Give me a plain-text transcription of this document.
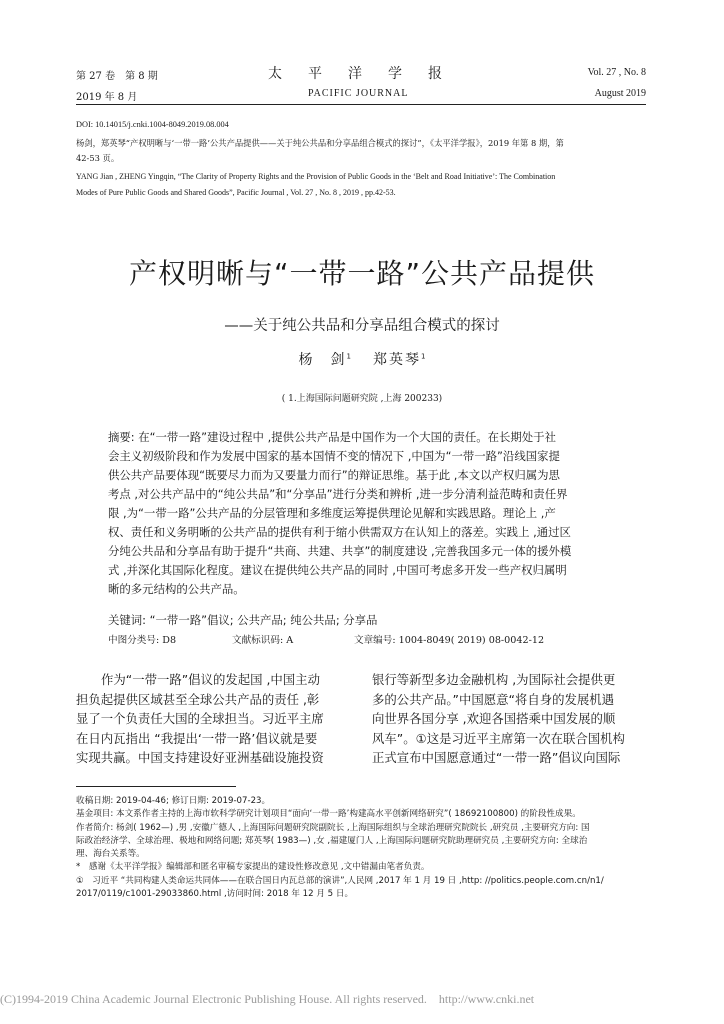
第 27 卷　第 8 期
2019 年 8 月
太平洋学报
PACIFIC JOURNAL
Vol. 27 , No. 8
August 2019
DOI: 10.14015/j.cnki.1004-8049.2019.08.004
杨剑，郑英琴“产权明晰与‘一带一路’公共产品提供——关于纯公共品和分享品组合模式的探讨”，《太平洋学报》，2019 年第 8 期，第
42-53 页。
YANG Jian , ZHENG Yingqin, “The Clarity of Property Rights and the Provision of Public Goods in the ‘Belt and Road Initiative’: The Combination
Modes of Pure Public Goods and Shared Goods”, Pacific Journal , Vol. 27 , No. 8 , 2019 , pp.42-53.
产权明晰与“一带一路”公共产品提供
——关于纯公共品和分享品组合模式的探讨
杨　剑$^1$ 郑英琴$^1$
( 1.上海国际问题研究院 ,上海 200233)
摘要: 在“一带一路”建设过程中 ,提供公共产品是中国作为一个大国的责任。在长期处于社
会主义初级阶段和作为发展中国家的基本国情不变的情况下 ,中国为“一带一路”沿线国家提
供公共产品要体现“既要尽力而为又要量力而行”的辩证思维。基于此 ,本文以产权归属为思
考点 ,对公共产品中的“纯公共品”和“分享品”进行分类和辨析 ,进一步分清利益范畴和责任界
限 ,为“一带一路”公共产品的分层管理和多维度运筹提供理论见解和实践思路。理论上 ,产
权、责任和义务明晰的公共产品的提供有利于缩小供需双方在认知上的落差。实践上 ,通过区
分纯公共品和分享品有助于提升“共商、共建、共享”的制度建设 ,完善我国多元一体的援外模
式 ,并深化其国际化程度。建议在提供纯公共产品的同时 ,中国可考虑多开发一些产权归属明
晰的多元结构的公共产品。
关键词: “一带一路”倡议; 公共产品; 纯公共品; 分享品
中图分类号: D8	文献标识码: A	文章编号: 1004-8049( 2019) 08-0042-12
作为“一带一路”倡议的发起国 ,中国主动
担负起提供区域甚至全球公共产品的责任 ,彰
显了一个负责任大国的全球担当。习近平主席
在日内瓦指出 “我提出‘一带一路’倡议就是要
实现共赢。中国支持建设好亚洲基础设施投资
银行等新型多边金融机构 ,为国际社会提供更
多的公共产品。”中国愿意“将自身的发展机遇
向世界各国分享 ,欢迎各国搭乘中国发展的顺
风车”。①这是习近平主席第一次在联合国机构
正式宣布中国愿意通过“一带一路”倡议向国际
收稿日期: 2019-04-46; 修订日期: 2019-07-23。
基金项目: 本文系作者主持的上海市软科学研究计划项目“面向‘一带一路’构建高水平创新网络研究”( 18692100800) 的阶段性成果。
作者简介: 杨剑( 1962—) ,男 ,安徽广德人 ,上海国际问题研究院副院长 ,上海国际组织与全球治理研究院院长 ,研究员 ,主要研究方向: 国
际政治经济学、全球治理、极地和网络问题; 郑英琴( 1983—) ,女 ,福建厦门人 ,上海国际问题研究院助理研究员 ,主要研究方向: 全球治
理、海台关系等。
*　感谢《太平洋学报》编辑部和匿名审稿专家提出的建设性修改意见 ,文中错漏由笔者负责。
①　习近平 “共同构建人类命运共同体——在联合国日内瓦总部的演讲”,人民网 ,2017 年 1 月 19 日 ,http: //politics.people.com.cn/n1/
2017/0119/c1001-29033860.html ,访问时间: 2018 年 12 月 5 日。
(C)1994-2019 China Academic Journal Electronic Publishing House. All rights reserved.　http://www.cnki.net
